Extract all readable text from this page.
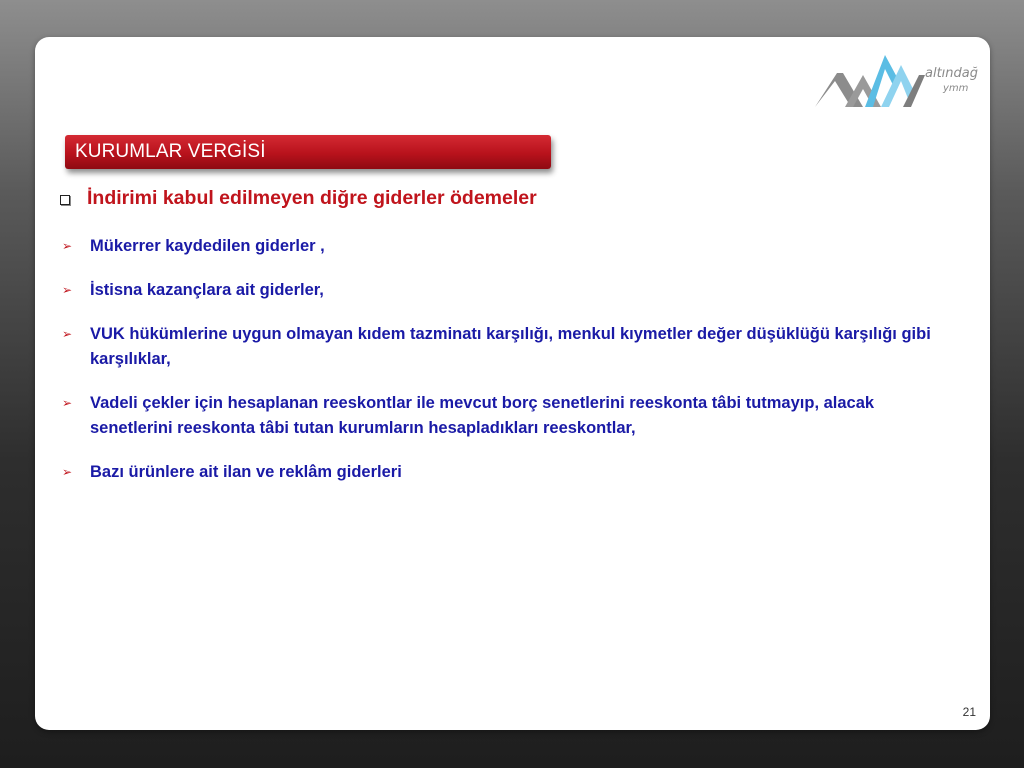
altındağ
ymm
KURUMLAR VERGİSİ
İndirimi kabul edilmeyen diğre giderler ödemeler
➢ Mükerrer kaydedilen giderler ,
➢ İstisna kazançlara ait giderler,
➢ VUK hükümlerine uygun olmayan kıdem tazminatı karşılığı, menkul kıymetler değer düşüklüğü karşılığı gibi karşılıklar,
➢ Vadeli çekler için hesaplanan reeskontlar ile mevcut borç senetlerini reeskonta tâbi tutmayıp, alacak senetlerini reeskonta tâbi tutan kurumların hesapladıkları reeskontlar,
➢ Bazı ürünlere ait ilan ve reklâm giderleri
21
